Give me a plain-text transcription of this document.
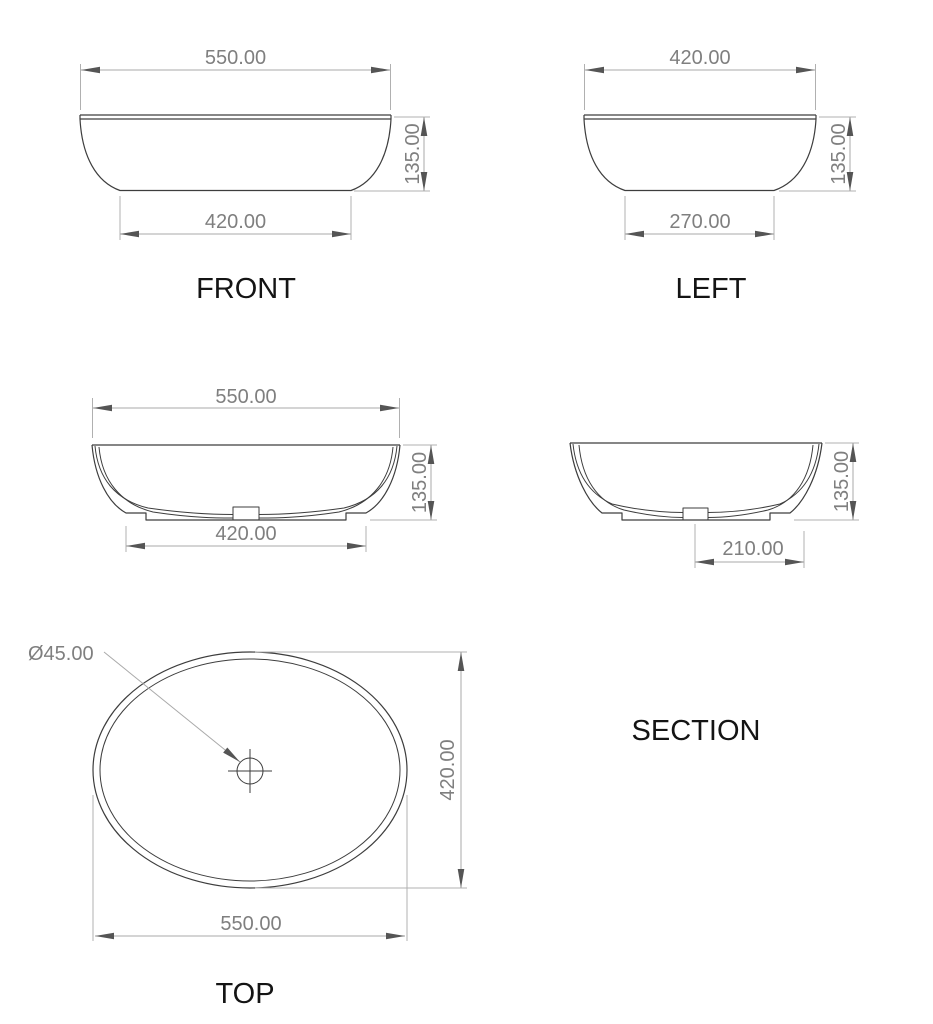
550.00
420.00
135.00
FRONT
420.00
270.00
135.00
LEFT
550.00
135.00
420.00
135.00
210.00
SECTION
Ø45.00
420.00
550.00
TOP
